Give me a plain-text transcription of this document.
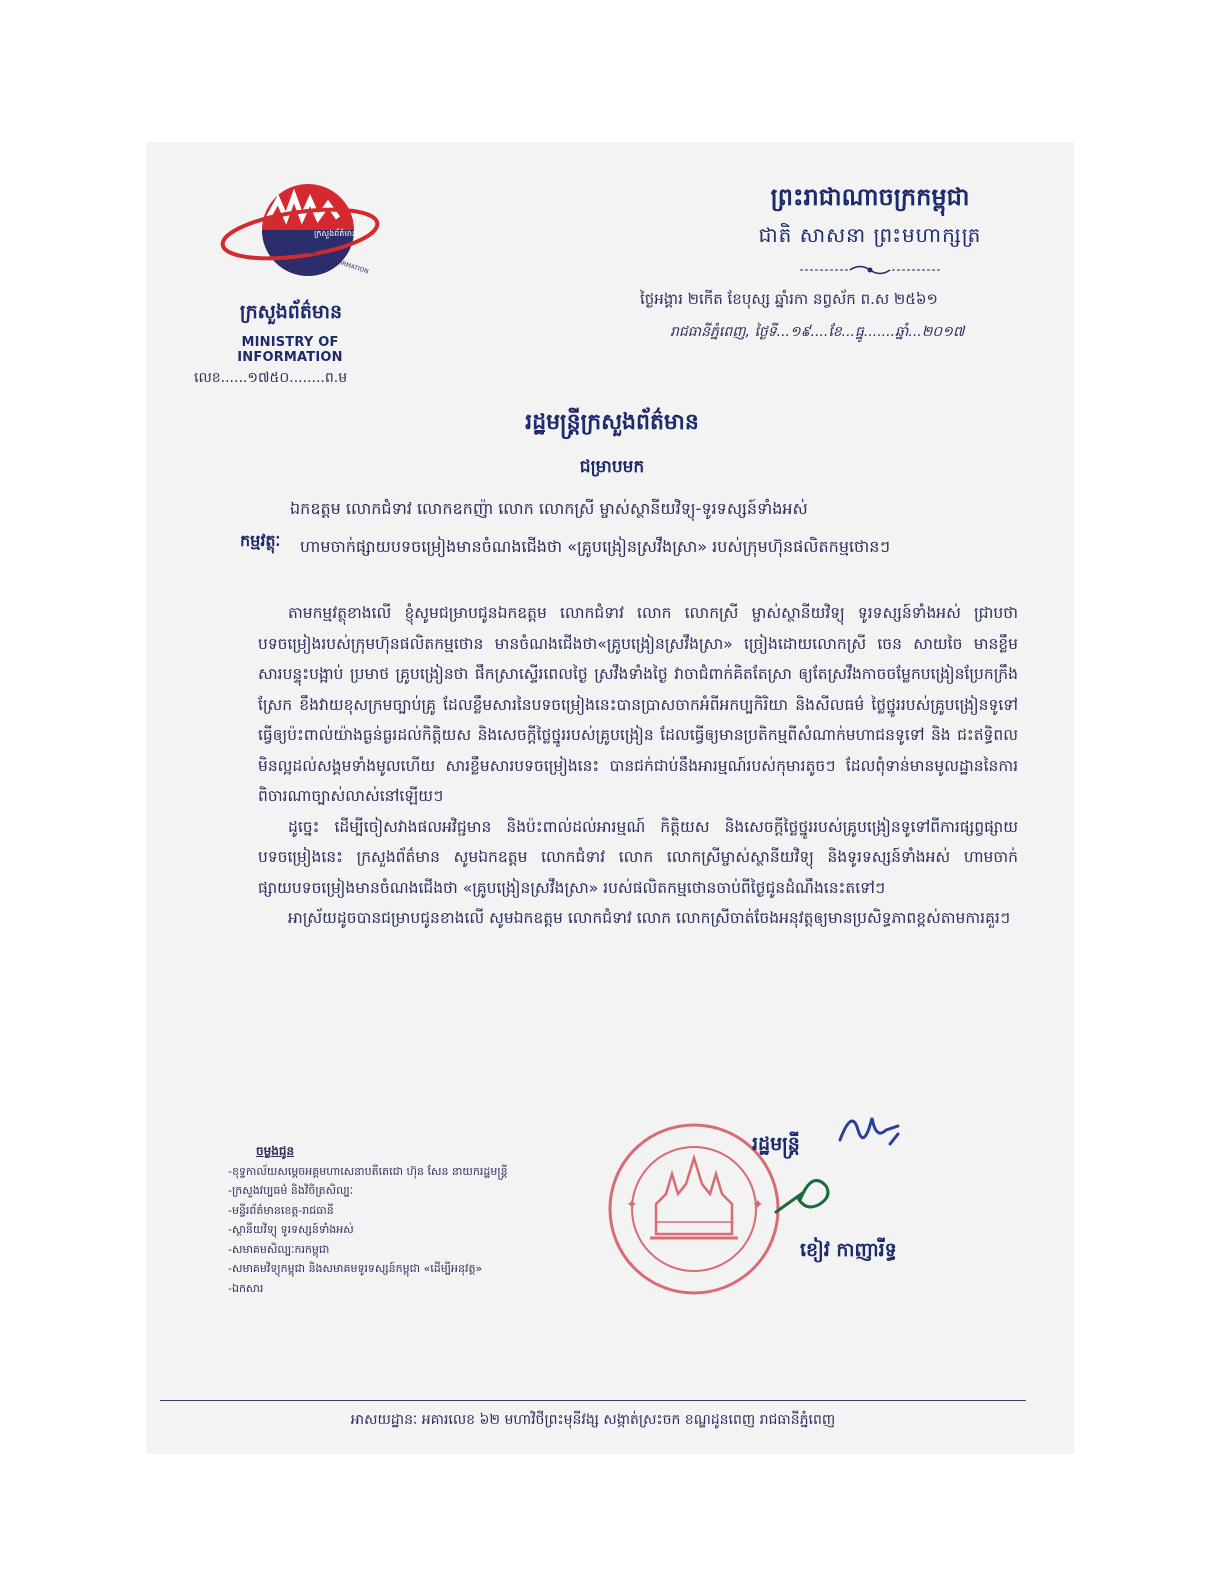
ក្រសួងព័ត៌មាន
MINISTRY OF INFORMATION
ក្រសួងព័ត៌មាន
MINISTRY OF INFORMATION
លេខ......១៧៥០........ព.ម
ព្រះរាជាណាចក្រកម្ពុជា
ជាតិ សាសនា ព្រះមហាក្សត្រ
ថ្ងៃអង្គារ ២កើត ខែបុស្ស ឆ្នាំរកា នព្វស័ក ព.ស ២៥៦១
រាជធានីភ្នំពេញ, ថ្ងៃទី...១៩....ខែ...ធ្នូ.......ឆ្នាំ...២០១៧
រដ្ឋមន្ត្រីក្រសួងព័ត៌មាន
ជម្រាបមក
ឯកឧត្តម លោកជំទាវ លោកឧកញ៉ា លោក លោកស្រី ម្ចាស់ស្ថានីយវិទ្យុ-ទូរទស្សន៍ទាំងអស់
កម្មវត្ថុៈ ហាមចាក់ផ្សាយបទចម្រៀងមានចំណងជើងថា «គ្រូបង្រៀនស្រវឹងស្រា» របស់ក្រុមហ៊ុនផលិតកម្មថោនៗ

តាមកម្មវត្ថុខាងលើ ខ្ញុំសូមជម្រាបជូនឯកឧត្តម លោកជំទាវ លោក លោកស្រី ម្ចាស់ស្ថានីយវិទ្យុ ទូរទស្សន៍ទាំងអស់ ជ្រាបថា បទចម្រៀងរបស់ក្រុមហ៊ុនផលិតកម្មថោន មានចំណងជើងថា«គ្រូបង្រៀនស្រវឹងស្រា» ច្រៀងដោយលោកស្រី ចេន សាយចៃ មានខ្លឹមសារបន្ទុះបង្អាប់ ប្រមាថ គ្រូបង្រៀនថា ផឹកស្រាស្ទើរពេលថ្ងៃ ស្រវឹងទាំងថ្ងៃ វាចាជំពាក់គិតតែស្រា ឲ្យតែស្រវឹងកាចចម្លែកបង្រៀនប្រែកក្រឹងស្រែក ខឹងវាយខុសក្រមច្បាប់គ្រូ ដែលខ្លឹមសារនៃបទចម្រៀងនេះបានប្រាសចាកអំពីអកប្បកិរិយា និងសីលធម៌ ថ្លៃថ្នូររបស់គ្រូបង្រៀនទូទៅ ធ្វើឲ្យប៉ះពាល់យ៉ាងធ្ងន់ធ្ងរដល់កិត្តិយស និងសេចក្តីថ្លៃថ្នូររបស់គ្រូបង្រៀន ដែលធ្វើឲ្យមានប្រតិកម្មពីសំណាក់មហាជនទូទៅ និង ជះឥទ្ធិពលមិនល្អដល់សង្គមទាំងមូលហើយ សារខ្លឹមសារបទចម្រៀងនេះ បានជក់ជាប់នឹងអារម្មណ៍របស់កុមារតូចៗ ដែលពុំទាន់មានមូលដ្ឋាននៃការពិចារណាច្បាស់លាស់នៅឡើយៗ

ដូច្នេះ ដើម្បីចៀសវាងផលអវិជ្ជមាន និងប៉ះពាល់ដល់អារម្មណ៍ កិត្តិយស និងសេចក្តីថ្លៃថ្នូររបស់គ្រូបង្រៀនទូទៅពីការផ្សព្វផ្សាយបទចម្រៀងនេះ ក្រសួងព័ត៌មាន សូមឯកឧត្តម លោកជំទាវ លោក លោកស្រីម្ចាស់ស្ថានីយវិទ្យុ និងទូរទស្សន៍ទាំងអស់ ហាមចាក់ផ្សាយបទចម្រៀងមានចំណងជើងថា «គ្រូបង្រៀនស្រវឹងស្រា» របស់ផលិតកម្មថោនចាប់ពីថ្ងៃជូនដំណឹងនេះតទៅៗ

អាស្រ័យដូចបានជម្រាបជូនខាងលើ សូមឯកឧត្តម លោកជំទាវ លោក លោកស្រីចាត់ចែងអនុវត្តឲ្យមានប្រសិទ្ធភាពខ្ពស់តាមការគួរៗ

ចម្លងជូន
-ខុទ្ទកាល័យសម្តេចអគ្គមហាសេនាបតីតេជោ ហ៊ុន សែន នាយករដ្ឋមន្ត្រី
-ក្រសួងវប្បធម៌ និងវិចិត្រសិល្បៈ
-មន្ទីរព័ត៌មានខេត្ត-រាជធានី
-ស្ថានីយវិទ្យុ ទូរទស្សន៍ទាំងអស់
-សមាគមសិល្បៈករកម្ពុជា
-សមាគមវិទ្យុកម្ពុជា និងសមាគមទូរទស្សន៍កម្ពុជា «ដើម្បីអនុវត្ត»
-ឯកសារ
✦	✦
រដ្ឋមន្ត្រី
ខៀវ កាញារីទ្ធ
អាសយដ្ឋានៈ អគារលេខ ៦២ មហាវិថីព្រះមុនីវង្ស សង្កាត់ស្រះចក ខណ្ឌដូនពេញ រាជធានីភ្នំពេញ
